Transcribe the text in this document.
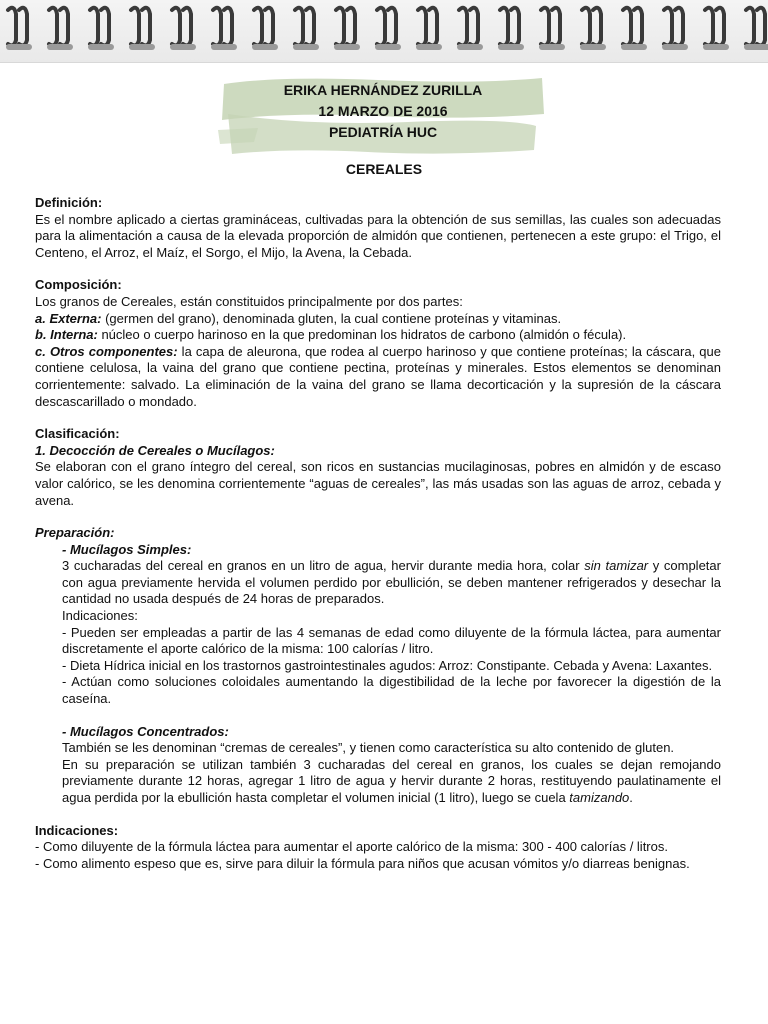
ERIKA HERNÁNDEZ ZURILLA
12 MARZO DE 2016
PEDIATRÍA HUC
CEREALES

Definición:

Es el nombre aplicado a ciertas gramináceas, cultivadas para la obtención de sus semillas, las cuales son adecuadas para la alimentación a causa de la elevada proporción de almidón que contienen, pertenecen a este grupo: el Trigo, el Centeno, el Arroz, el Maíz, el Sorgo, el Mijo, la Avena, la Cebada.

Composición:

Los granos de Cereales, están constituidos principalmente por dos partes:

a. Externa: (germen del grano), denominada gluten, la cual contiene proteínas y vitaminas.

b. Interna: núcleo o cuerpo harinoso en la que predominan los hidratos de carbono (almidón o fécula).

c. Otros componentes: la capa de aleurona, que rodea al cuerpo harinoso y que contiene proteínas; la cáscara, que contiene celulosa, la vaina del grano que contiene pectina, proteínas y minerales. Estos elementos se denominan corrientemente: salvado. La eliminación de la vaina del grano se llama decorticación y la supresión de la cáscara descascarillado o mondado.

Clasificación:

1. Decocción de Cereales o Mucílagos:

Se elaboran con el grano íntegro del cereal, son ricos en sustancias mucilaginosas, pobres en almidón y de escaso valor calórico, se les denomina corrientemente “aguas de cereales”, las más usadas son las aguas de arroz, cebada y avena.

Preparación:

- Mucílagos Simples:

3 cucharadas del cereal en granos en un litro de agua, hervir durante media hora, colar sin tamizar y completar con agua previamente hervida el volumen perdido por ebullición, se deben mantener refrigerados y desechar la cantidad no usada después de 24 horas de preparados.

Indicaciones:

- Pueden ser empleadas a partir de las 4 semanas de edad como diluyente de la fórmula láctea, para aumentar discretamente el aporte calórico de la misma: 100 calorías / litro.

- Dieta Hídrica inicial en los trastornos gastrointestinales agudos: Arroz: Constipante. Cebada y Avena: Laxantes.

- Actúan como soluciones coloidales aumentando la digestibilidad de la leche por favorecer la digestión de la caseína.

- Mucílagos Concentrados:

También se les denominan “cremas de cereales”, y tienen como característica su alto contenido de gluten.

En su preparación se utilizan también 3 cucharadas del cereal en granos, los cuales se dejan remojando previamente durante 12 horas, agregar 1 litro de agua y hervir durante 2 horas, restituyendo paulatinamente el agua perdida por la ebullición hasta completar el volumen inicial (1 litro), luego se cuela tamizando.

Indicaciones:

- Como diluyente de la fórmula láctea para aumentar el aporte calórico de la misma: 300 - 400 calorías / litros.

- Como alimento espeso que es, sirve para diluir la fórmula para niños que acusan vómitos y/o diarreas benignas.
